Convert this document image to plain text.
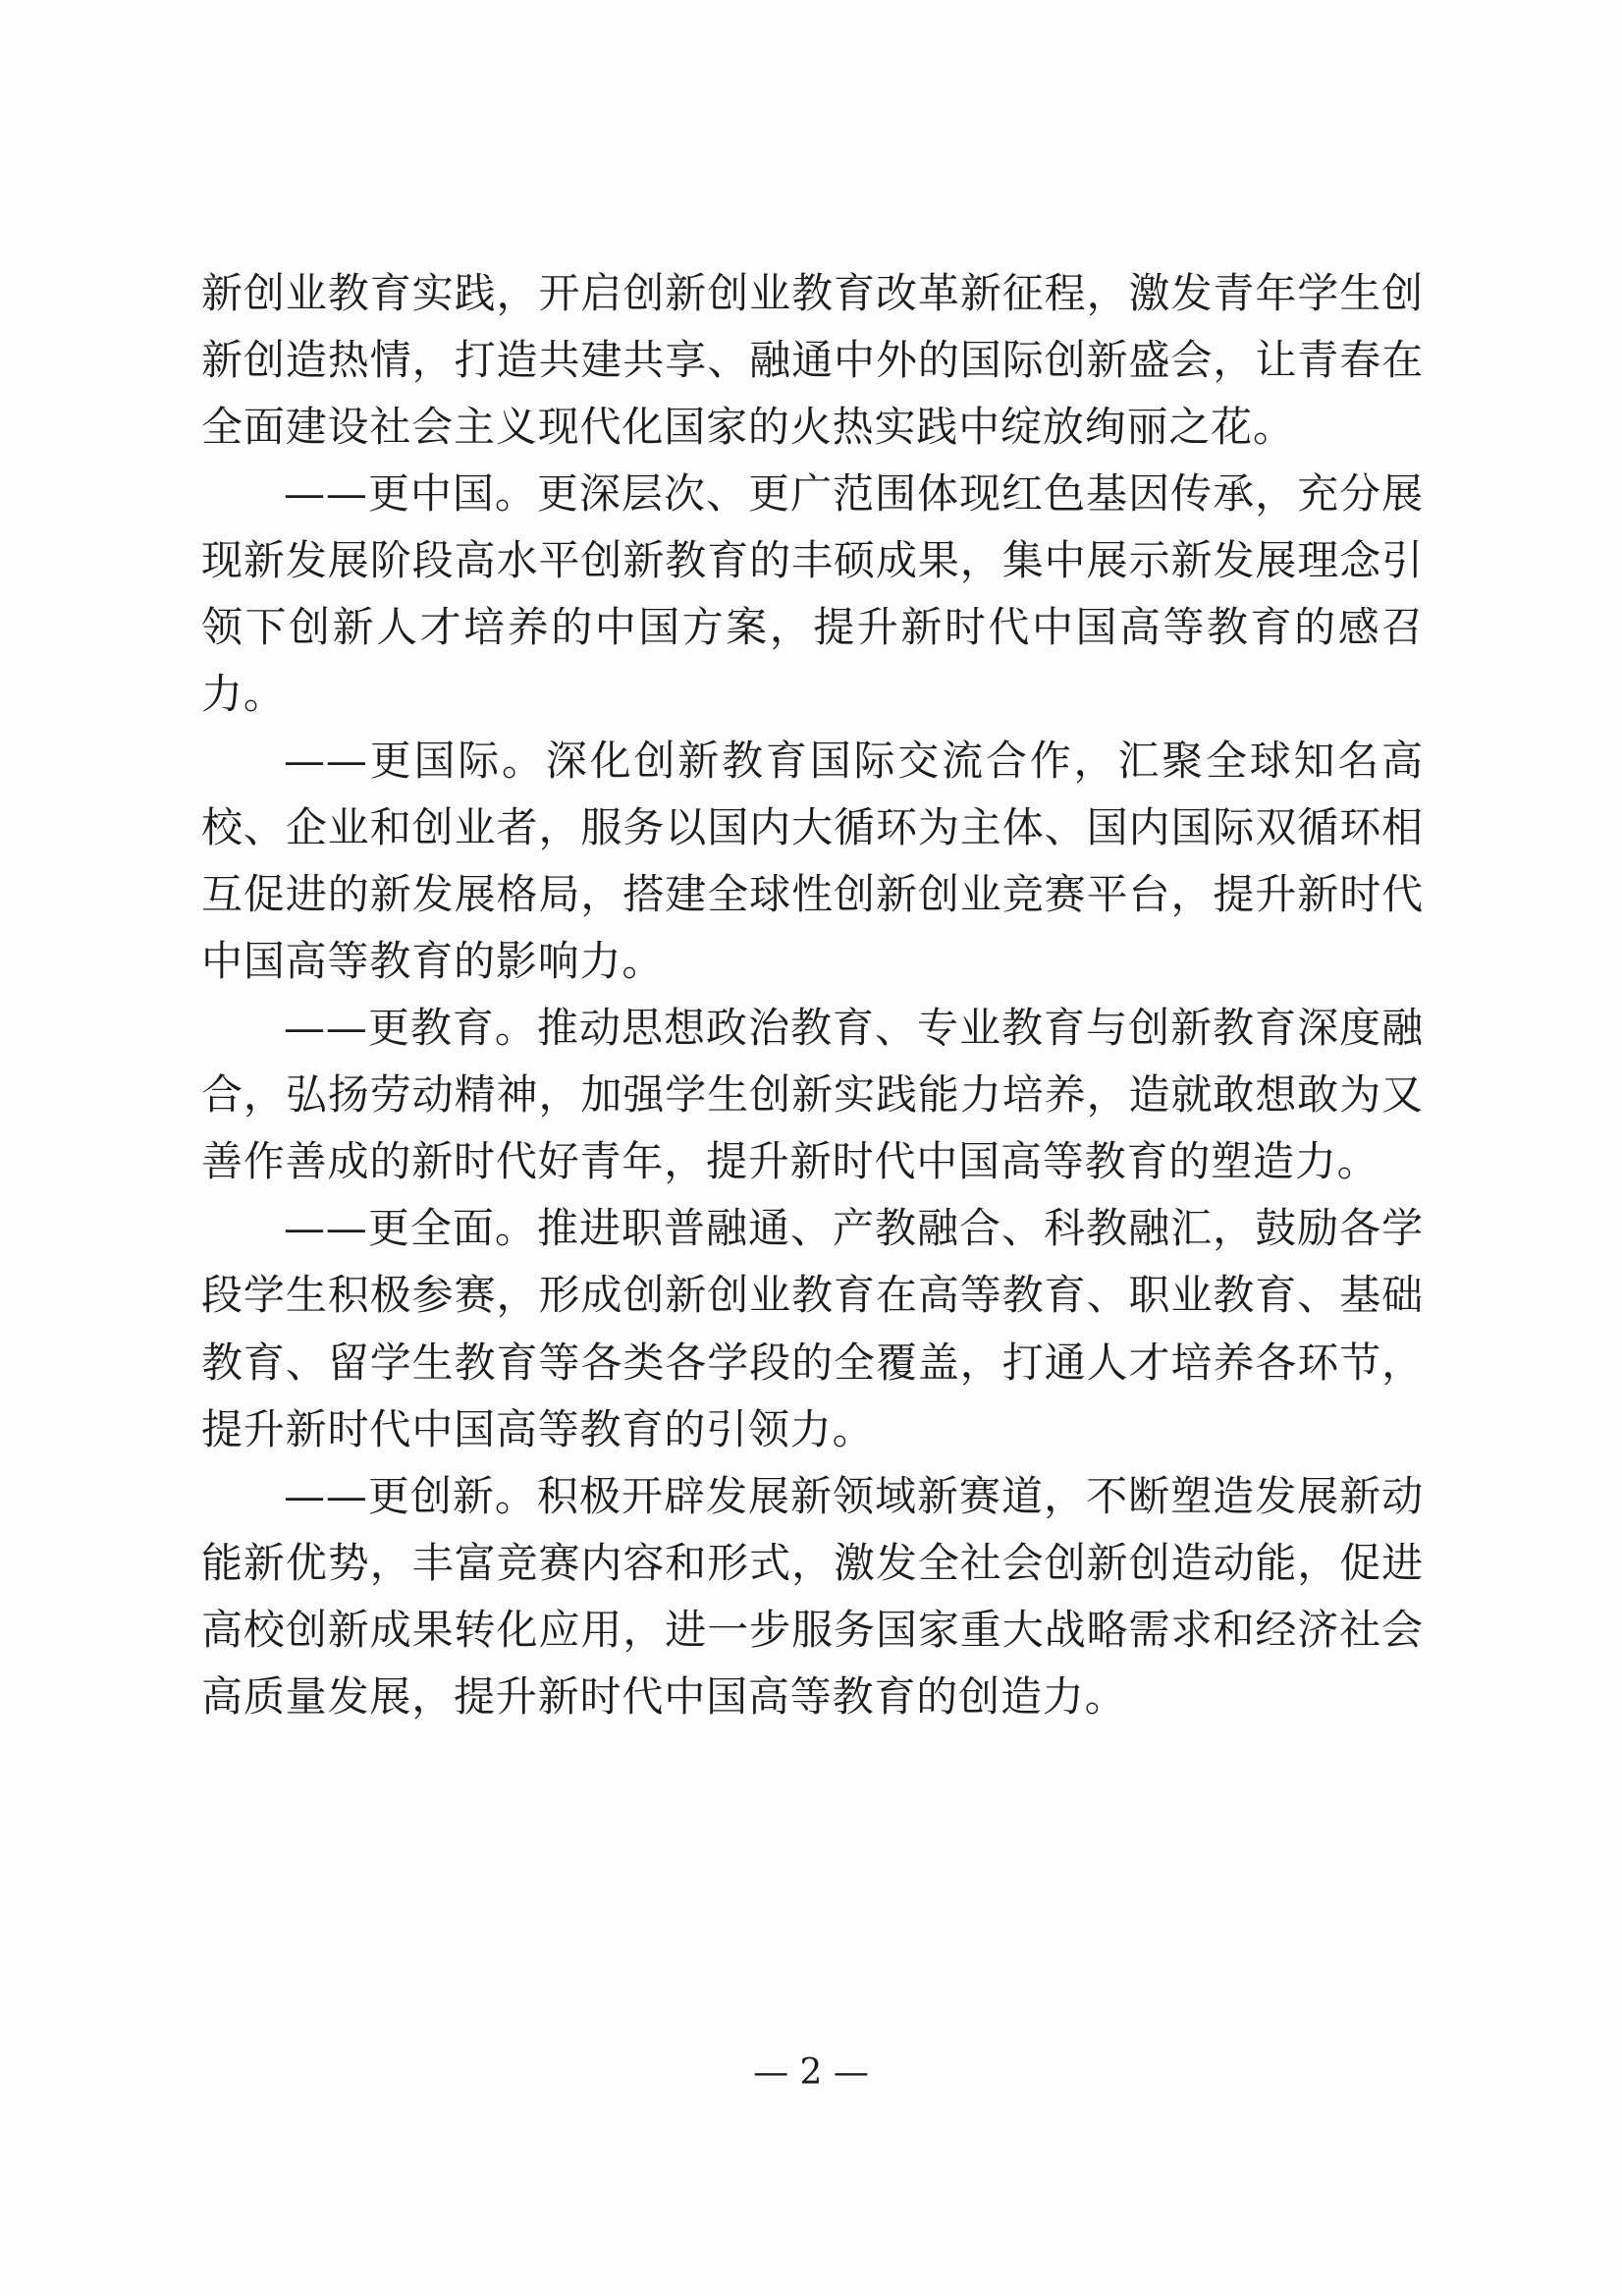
新创业教育实践，开启创新创业教育改革新征程，激发青年学生创新创造热情，打造共建共享、融通中外的国际创新盛会，让青春在全面建设社会主义现代化国家的火热实践中绽放绚丽之花。

——更中国。更深层次、更广范围体现红色基因传承，充分展现新发展阶段高水平创新教育的丰硕成果，集中展示新发展理念引领下创新人才培养的中国方案，提升新时代中国高等教育的感召力。

——更国际。深化创新教育国际交流合作，汇聚全球知名高校、企业和创业者，服务以国内大循环为主体、国内国际双循环相互促进的新发展格局，搭建全球性创新创业竞赛平台，提升新时代中国高等教育的影响力。

——更教育。推动思想政治教育、专业教育与创新教育深度融合，弘扬劳动精神，加强学生创新实践能力培养，造就敢想敢为又善作善成的新时代好青年，提升新时代中国高等教育的塑造力。

——更全面。推进职普融通、产教融合、科教融汇，鼓励各学段学生积极参赛，形成创新创业教育在高等教育、职业教育、基础教育、留学生教育等各类各学段的全覆盖，打通人才培养各环节，提升新时代中国高等教育的引领力。

——更创新。积极开辟发展新领域新赛道，不断塑造发展新动能新优势，丰富竞赛内容和形式，激发全社会创新创造动能，促进高校创新成果转化应用，进一步服务国家重大战略需求和经济社会高质量发展，提升新时代中国高等教育的创造力。

— 2 —
